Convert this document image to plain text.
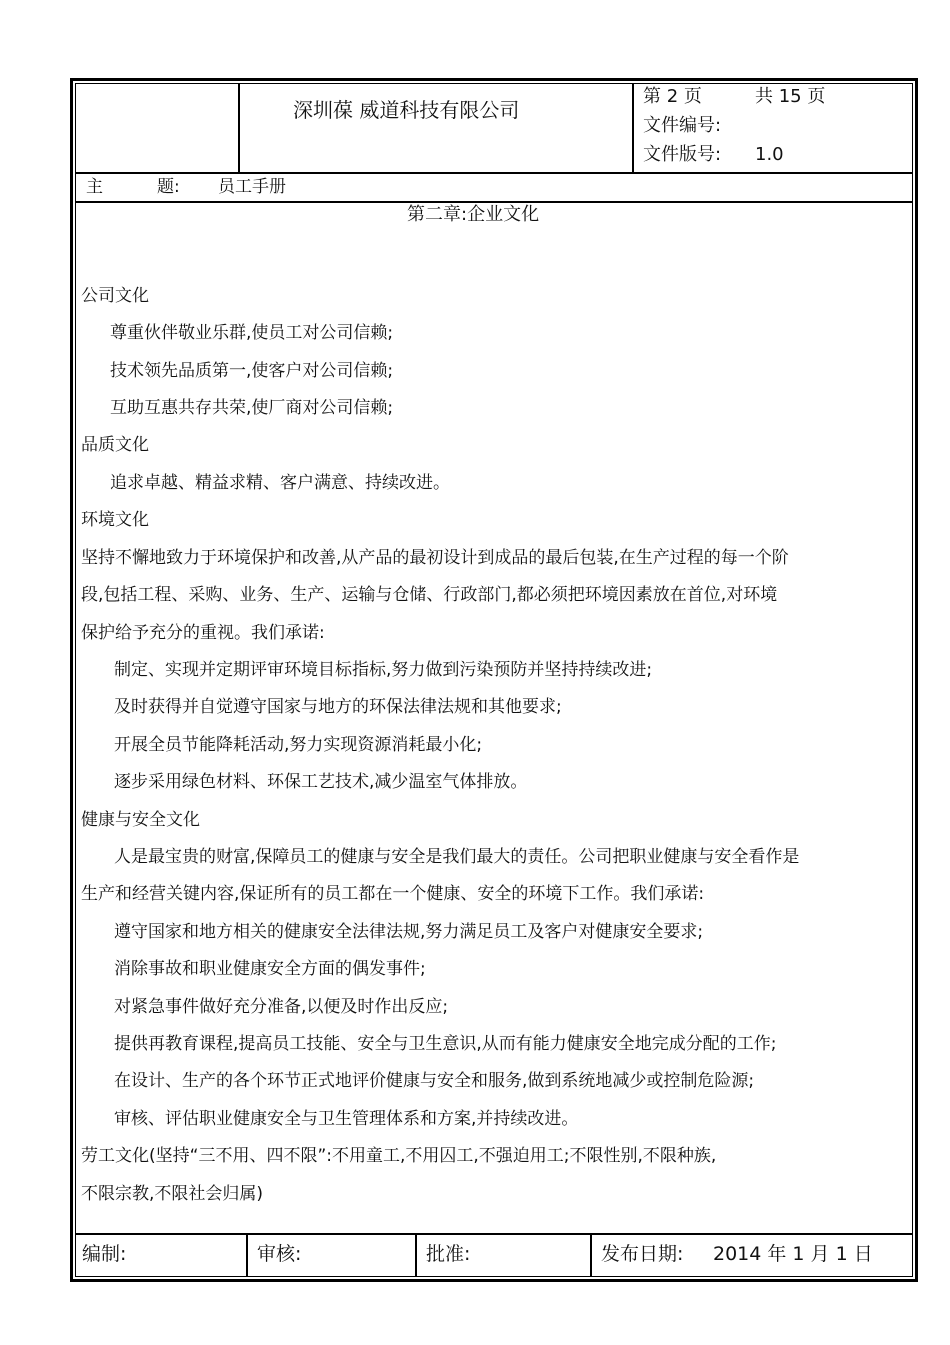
深圳葆 威道科技有限公司
第 2 页	共 15 页
文件编号:
文件版号: 1.0
主          题: 员工手册
第二章:企业文化
公司文化
尊重伙伴敬业乐群,使员工对公司信赖;
技术领先品质第一,使客户对公司信赖;
互助互惠共存共荣,使厂商对公司信赖;
品质文化
追求卓越、精益求精、客户满意、持续改进。
环境文化
坚持不懈地致力于环境保护和改善,从产品的最初设计到成品的最后包装,在生产过程的每一个阶
段,包括工程、采购、业务、生产、运输与仓储、行政部门,都必须把环境因素放在首位,对环境
保护给予充分的重视。我们承诺:
制定、实现并定期评审环境目标指标,努力做到污染预防并坚持持续改进;
及时获得并自觉遵守国家与地方的环保法律法规和其他要求;
开展全员节能降耗活动,努力实现资源消耗最小化;
逐步采用绿色材料、环保工艺技术,减少温室气体排放。
健康与安全文化
人是最宝贵的财富,保障员工的健康与安全是我们最大的责任。公司把职业健康与安全看作是
生产和经营关键内容,保证所有的员工都在一个健康、安全的环境下工作。我们承诺:
遵守国家和地方相关的健康安全法律法规,努力满足员工及客户对健康安全要求;
消除事故和职业健康安全方面的偶发事件;
对紧急事件做好充分准备,以便及时作出反应;
提供再教育课程,提高员工技能、安全与卫生意识,从而有能力健康安全地完成分配的工作;
在设计、生产的各个环节正式地评价健康与安全和服务,做到系统地减少或控制危险源;
审核、评估职业健康安全与卫生管理体系和方案,并持续改进。
劳工文化(坚持“三不用、四不限”:不用童工,不用囚工,不强迫用工;不限性别,不限种族,
不限宗教,不限社会归属)
编制:	审核:	批准:	发布日期: 2014 年 1 月 1 日
